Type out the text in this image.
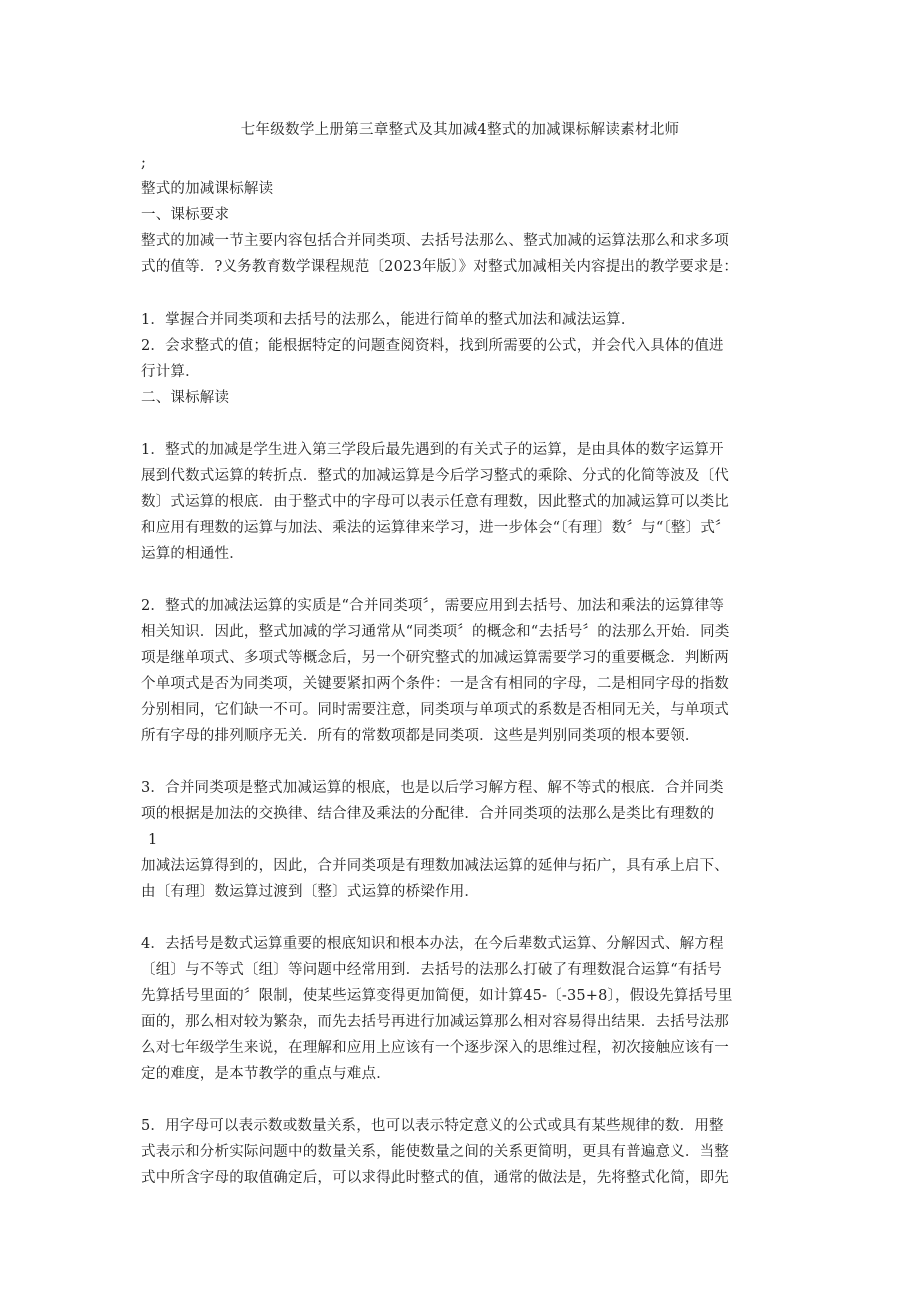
七年级数学上册第三章整式及其加减4整式的加减课标解读素材北师
;
整式的加减课标解读
一、课标要求
整式的加减一节主要内容包括合并同类项、去括号法那么、整式加减的运算法那么和求多项
式的值等．?义务教育数学课程规范〔2023年版〕》对整式加减相关内容提出的教学要求是：
1．掌握合并同类项和去括号的法那么，能进行简单的整式加法和减法运算．
2．会求整式的值；能根据特定的问题查阅资料，找到所需要的公式，并会代入具体的值进
行计算．
二、课标解读
1．整式的加减是学生进入第三学段后最先遇到的有关式子的运算，是由具体的数字运算开
展到代数式运算的转折点．整式的加减运算是今后学习整式的乘除、分式的化简等波及〔代
数〕式运算的根底．由于整式中的字母可以表示任意有理数，因此整式的加减运算可以类比
和应用有理数的运算与加法、乘法的运算律来学习，进一步体会“〔有理〕数〞与“〔整〕式〞
运算的相通性．
2．整式的加减法运算的实质是“合并同类项〞，需要应用到去括号、加法和乘法的运算律等
相关知识．因此，整式加减的学习通常从“同类项〞的概念和“去括号〞的法那么开始．同类
项是继单项式、多项式等概念后，另一个研究整式的加减运算需要学习的重要概念．判断两
个单项式是否为同类项，关键要紧扣两个条件：一是含有相同的字母，二是相同字母的指数
分别相同，它们缺一不可。同时需要注意，同类项与单项式的系数是否相同无关，与单项式
所有字母的排列顺序无关．所有的常数项都是同类项．这些是判别同类项的根本要领．
3．合并同类项是整式加减运算的根底，也是以后学习解方程、解不等式的根底．合并同类
项的根据是加法的交换律、结合律及乘法的分配律．合并同类项的法那么是类比有理数的
1
加减法运算得到的，因此，合并同类项是有理数加减法运算的延伸与拓广，具有承上启下、
由〔有理〕数运算过渡到〔整〕式运算的桥梁作用．
4．去括号是数式运算重要的根底知识和根本办法，在今后辈数式运算、分解因式、解方程
〔组〕与不等式〔组〕等问题中经常用到．去括号的法那么打破了有理数混合运算“有括号
先算括号里面的〞限制，使某些运算变得更加简便，如计算45-〔-35+8〕，假设先算括号里
面的，那么相对较为繁杂，而先去括号再进行加减运算那么相对容易得出结果．去括号法那
么对七年级学生来说，在理解和应用上应该有一个逐步深入的思维过程，初次接触应该有一
定的难度，是本节教学的重点与难点．
5．用字母可以表示数或数量关系，也可以表示特定意义的公式或具有某些规律的数．用整
式表示和分析实际问题中的数量关系，能使数量之间的关系更简明，更具有普遍意义．当整
式中所含字母的取值确定后，可以求得此时整式的值，通常的做法是，先将整式化简，即先
